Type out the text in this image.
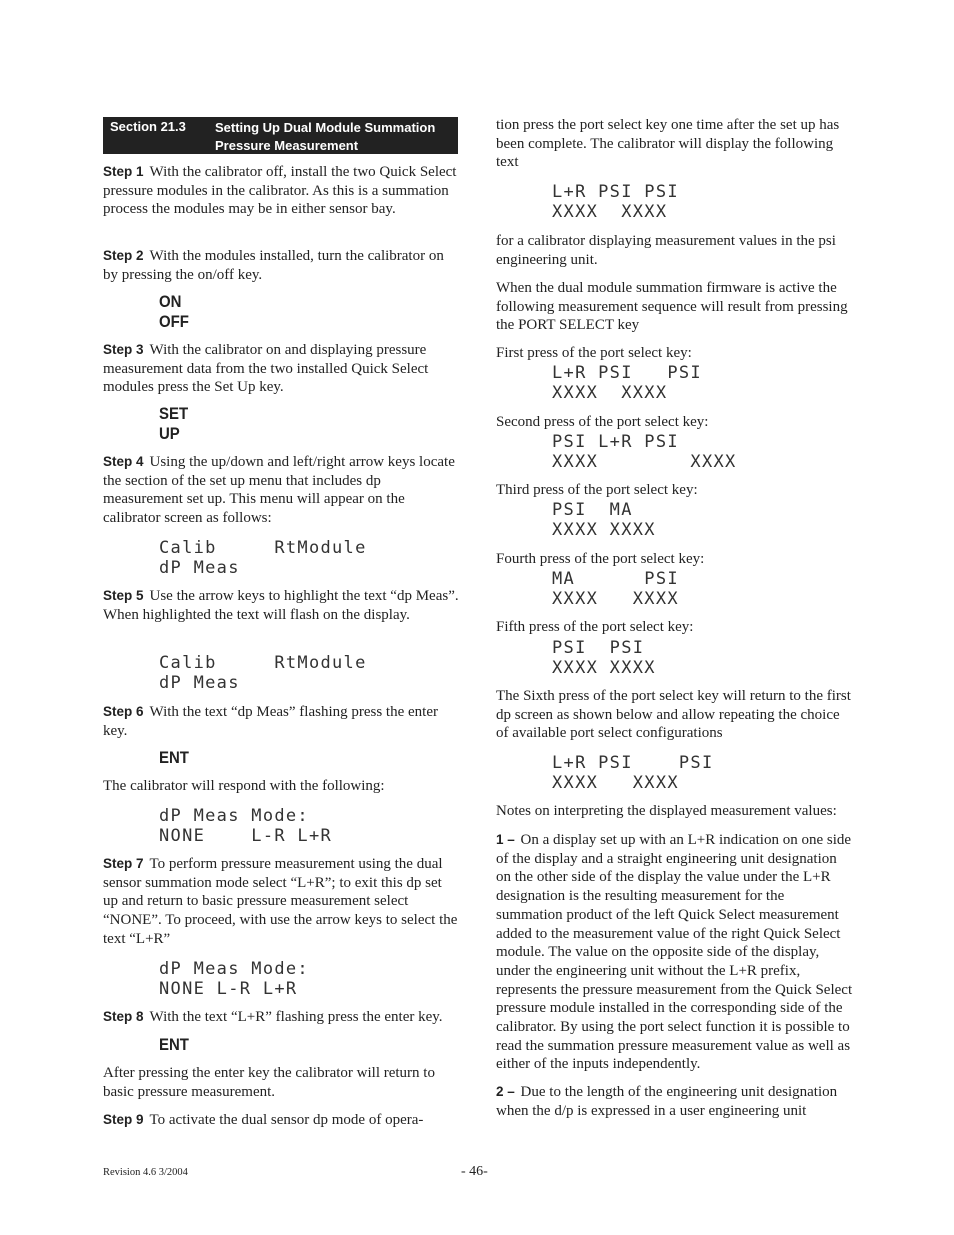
Section 21.3 Setting Up Dual Module Summation
Pressure Measurement

Step 1 With the calibrator off, install the two Quick Select pressure modules in the calibrator. As this is a summation process the modules may be in either sensor bay.

Step 2 With the modules installed, turn the calibrator on by pressing the on/off key.

ON
OFF

Step 3 With the calibrator on and displaying pressure measurement data from the two installed Quick Select modules press the Set Up key.

SET
UP

Step 4 Using the up/down and left/right arrow keys locate the section of the set up menu that includes dp measurement set up. This menu will appear on the calibrator screen as follows:

Calib     RtModule
dP Meas

Step 5 Use the arrow keys to highlight the text “dp Meas”. When highlighted the text will flash on the display.

Calib     RtModule
dP Meas

Step 6 With the text “dp Meas” flashing press the enter key.

ENT

The calibrator will respond with the following:

dP Meas Mode:
NONE    L-R L+R

Step 7 To perform pressure measurement using the dual sensor summation mode select “L+R”; to exit this dp set up and return to basic pressure measurement select “NONE”. To proceed, with use the arrow keys to select the text “L+R”

dP Meas Mode:
NONE L-R L+R

Step 8 With the text “L+R” flashing press the enter key.

ENT

After pressing the enter key the calibrator will return to basic pressure measurement.

Step 9 To activate the dual sensor dp mode of opera-

tion press the port select key one time after the set up has been complete. The calibrator will display the following text

L+R PSI PSI
XXXX  XXXX

for a calibrator displaying measurement values in the psi engineering unit.

When the dual module summation firmware is active the following measurement sequence will result from pressing the PORT SELECT key

First press of the port select key:

L+R PSI   PSI
XXXX  XXXX

Second press of the port select key:

PSI L+R PSI
XXXX        XXXX

Third press of the port select key:

PSI  MA
XXXX XXXX

Fourth press of the port select key:

MA      PSI
XXXX   XXXX

Fifth press of the port select key:

PSI  PSI
XXXX XXXX

The Sixth press of the port select key will return to the first dp screen as shown below and allow repeating the choice of available port select configurations

L+R PSI    PSI
XXXX   XXXX

Notes on interpreting the displayed measurement values:

1 – On a display set up with an L+R indication on one side of the display and a straight engineering unit designation on the other side of the display the value under the L+R designation is the resulting measurement for the summation product of the left Quick Select measurement added to the measurement value of the right Quick Select module. The value on the opposite side of the display, under the engineering unit without the L+R prefix, represents the pressure measurement from the Quick Select pressure module installed in the corresponding side of the calibrator. By using the port select function it is possible to read the summation pressure measurement value as well as either of the inputs independently.

2 – Due to the length of the engineering unit designation when the d/p is expressed in a user engineering unit

Revision 4.6 3/2004	- 46-
